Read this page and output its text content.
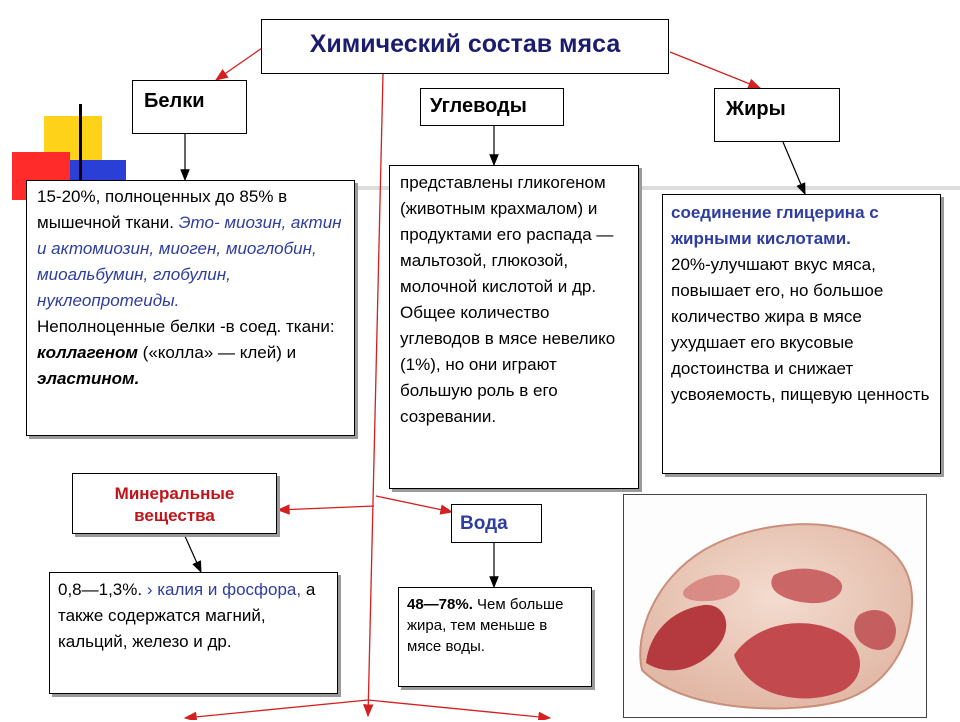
Химический состав мяса
Белки
15-20%, полноценных до 85% в мышечной ткани. Это- миозин, актин и актомиозин, миоген, миоглобин, миоальбумин, глобулин, нуклеопротеиды.
Неполноценные белки -в соед. ткани: коллагеном («колла» — клей) и эластином.
Углеводы
представлены гликогеном (животным крахмалом) и продуктами его распада — мальтозой, глюкозой, молочной кислотой и др. Общее количество углеводов в мясе невелико (1%), но они играют большую роль в его созревании.
Жиры
соединение глицерина с жирными кислотами.
20%-улучшают вкус мяса, повышает его, но большое количество жира в мясе ухудшает его вкусовые достоинства и снижает усвояемость, пищевую ценность
Минеральные вещества
0,8—1,3%. › калия и фосфора, а также содержатся магний, кальций, железо и др.
Вода
48—78%. Чем больше жира, тем меньше в мясе воды.
